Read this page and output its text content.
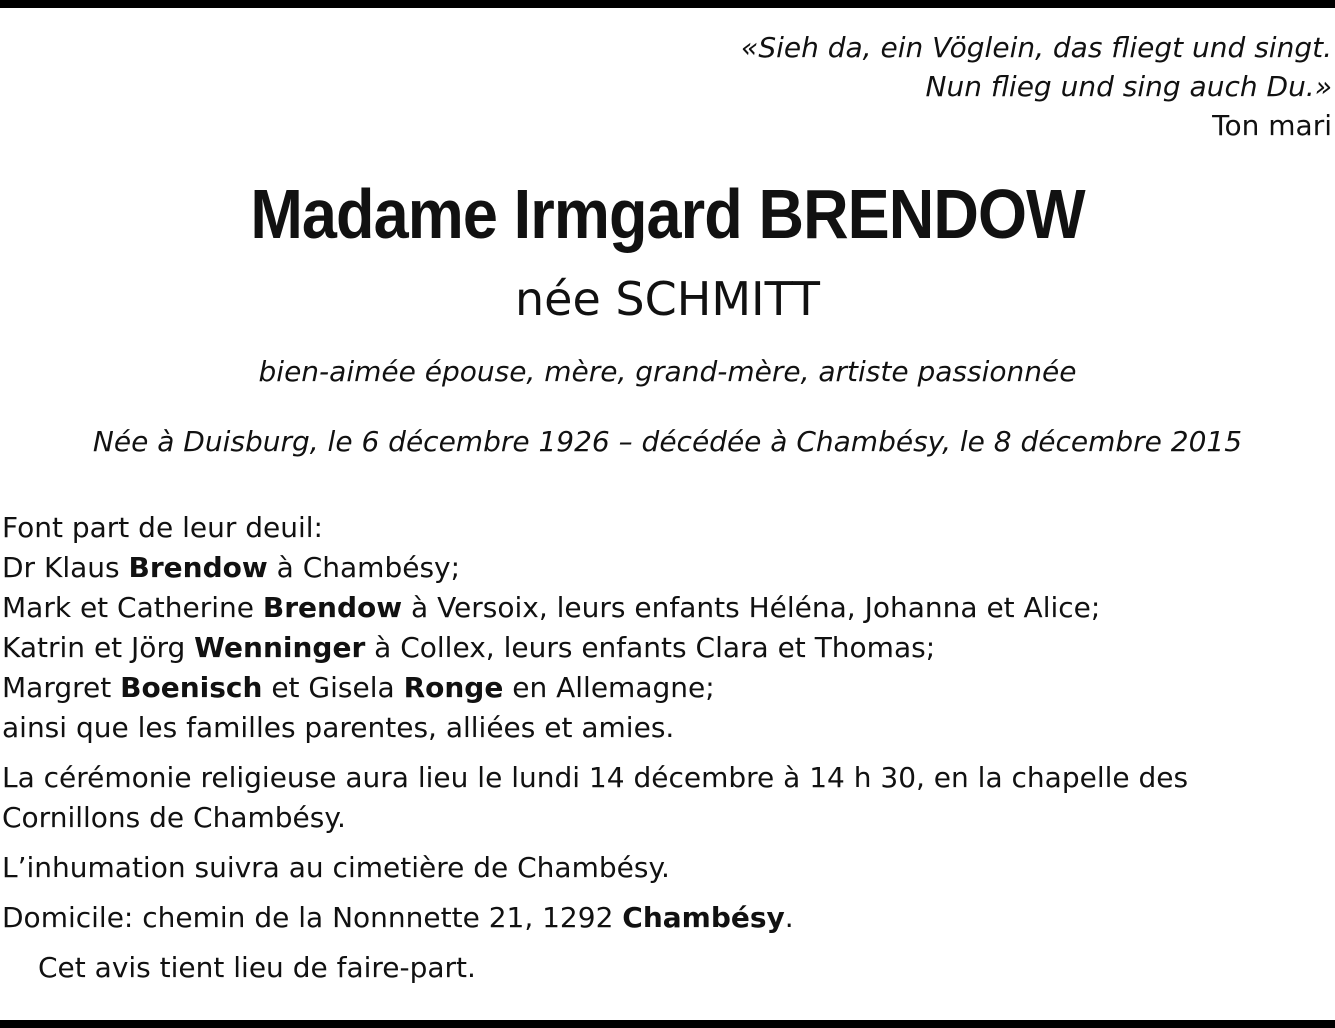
«Sieh da, ein Vöglein, das fliegt und singt.
Nun flieg und sing auch Du.»
Ton mari
Madame Irmgard BRENDOW
née SCHMITT
bien-aimée épouse, mère, grand-mère, artiste passionnée
Née à Duisburg, le 6 décembre 1926 – décédée à Chambésy, le 8 décembre 2015
Font part de leur deuil:
Dr Klaus Brendow à Chambésy;
Mark et Catherine Brendow à Versoix, leurs enfants Héléna, Johanna et Alice;
Katrin et Jörg Wenninger à Collex, leurs enfants Clara et Thomas;
Margret Boenisch et Gisela Ronge en Allemagne;
ainsi que les familles parentes, alliées et amies.
La cérémonie religieuse aura lieu le lundi 14 décembre à 14 h 30, en la chapelle des
Cornillons de Chambésy.
L’inhumation suivra au cimetière de Chambésy.
Domicile: chemin de la Nonnnette 21, 1292 Chambésy.
Cet avis tient lieu de faire-part.
